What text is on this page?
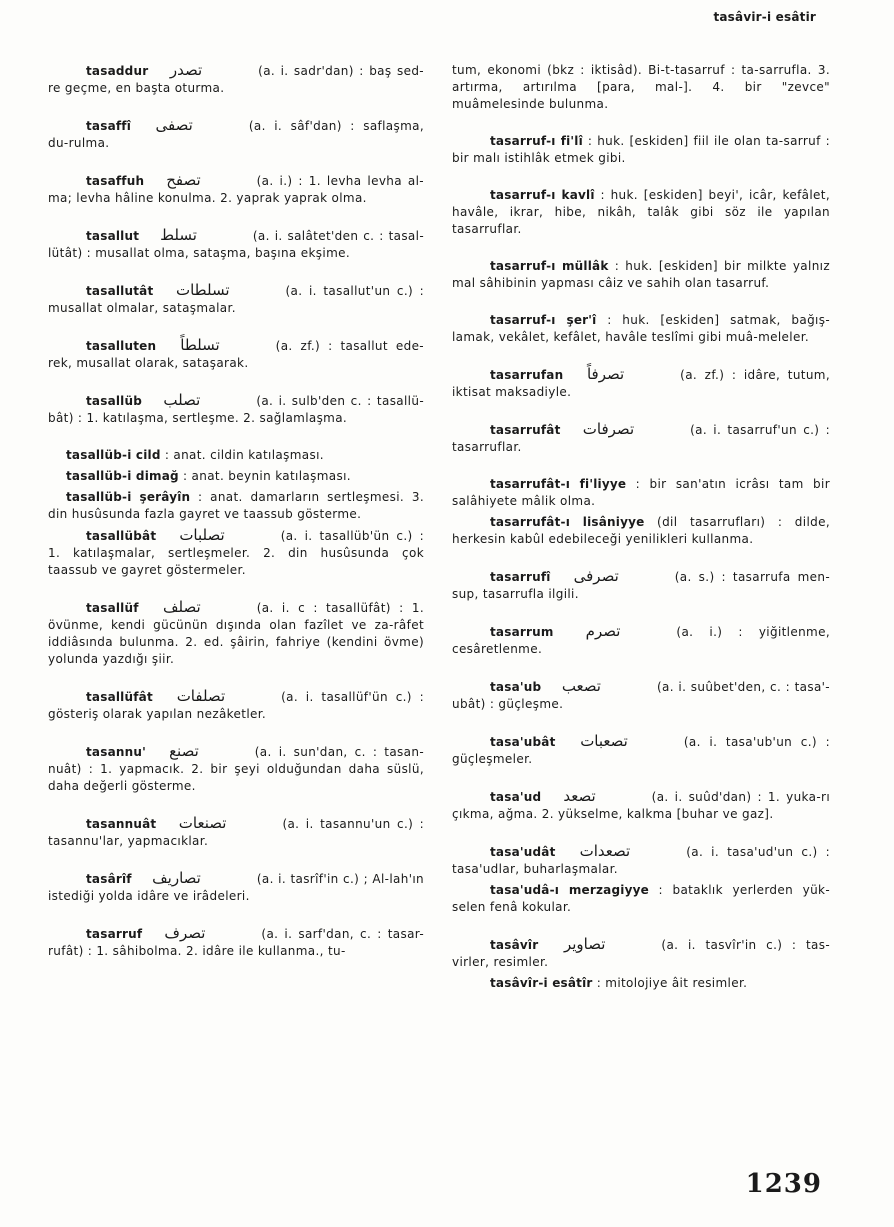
tasâvir-i esâtir
tasaddur تصدر	(a. i. sadr'dan) : baş sed-re geçme, en başta oturma.
tasaffî تصفى	(a. i. sâf'dan) : saflaşma, du-rulma.
tasaffuh تصفح	(a. i.) : 1. levha levha al-ma; levha hâline konulma. 2. yaprak yaprak olma.
tasallut تسلط	(a. i. salâtet'den c. : tasal-lütât) : musallat olma, sataşma, başına ekşime.
tasallutât تسلطات	(a. i. tasallut'un c.) : musallat olmalar, sataşmalar.
tasalluten تسلطاً	(a. zf.) : tasallut ede-rek, musallat olarak, sataşarak.
tasallüb تصلب	(a. i. sulb'den c. : tasallü-bât) : 1. katılaşma, sertleşme. 2. sağlamlaşma.
tasallüb-i cild : anat. cildin katılaşması.
tasallüb-i dimağ : anat. beynin katılaşması.
tasallüb-i şerâyîn : anat. damarların sertleşmesi. 3. din husûsunda fazla gayret ve taassub gösterme.
tasallübât تصلبات	(a. i. tasallüb'ün c.) : 1. katılaşmalar, sertleşmeler. 2. din husûsunda çok taassub ve gayret göstermeler.
tasallüf تصلف	(a. i. c : tasallüfât) : 1. övünme, kendi gücünün dışında olan fazîlet ve za-râfet iddiâsında bulunma. 2. ed. şâirin, fahriye (kendini övme) yolunda yazdığı şiir.
tasallüfât تصلفات	(a. i. tasallüf'ün c.) : gösteriş olarak yapılan nezâketler.
tasannu' تصنع	(a. i. sun'dan, c. : tasan-nuât) : 1. yapmacık. 2. bir şeyi olduğundan daha süslü, daha değerli gösterme.
tasannuât تصنعات	(a. i. tasannu'un c.) : tasannu'lar, yapmacıklar.
tasârîf تصاريف	(a. i. tasrîf'in c.) ; Al-lah'ın istediği yolda idâre ve irâdeleri.
tasarruf تصرف	(a. i. sarf'dan, c. : tasar-rufât) : 1. sâhibolma. 2. idâre ile kullanma., tu-
tum, ekonomi (bkz : iktisâd). Bi-t-tasarruf : ta-sarrufla. 3. artırma, artırılma [para, mal-]. 4. bir "zevce" muâmelesinde bulunma.
tasarruf-ı fi'lî : huk. [eskiden] fiil ile olan ta-sarruf : bir malı istihlâk etmek gibi.
tasarruf-ı kavlî : huk. [eskiden] beyi', icâr, kefâlet, havâle, ikrar, hibe, nikâh, talâk gibi söz ile yapılan tasarruflar.
tasarruf-ı müllâk : huk. [eskiden] bir milkte yalnız mal sâhibinin yapması câiz ve sahih olan tasarruf.
tasarruf-ı şer'î : huk. [eskiden] satmak, bağış-lamak, vekâlet, kefâlet, havâle teslîmi gibi muâ-meleler.
tasarrufan تصرفاً	(a. zf.) : idâre, tutum, iktisat maksadiyle.
tasarrufât تصرفات	(a. i. tasarruf'un c.) : tasarruflar.
tasarrufât-ı fi'liyye : bir san'atın icrâsı tam bir salâhiyete mâlik olma.
tasarrufât-ı lisâniyye (dil tasarrufları) : dilde, herkesin kabûl edebileceği yenilikleri kullanma.
tasarrufî تصرفى	(a. s.) : tasarrufa men-sup, tasarrufla ilgili.
tasarrum تصرم	(a. i.) : yiğitlenme, cesâretlenme.
tasa'ub تصعب	(a. i. suûbet'den, c. : tasa'-ubât) : güçleşme.
tasa'ubât تصعبات	(a. i. tasa'ub'un c.) : güçleşmeler.
tasa'ud تصعد	(a. i. suûd'dan) : 1. yuka-rı çıkma, ağma. 2. yükselme, kalkma [buhar ve gaz].
tasa'udât تصعدات	(a. i. tasa'ud'un c.) : tasa'udlar, buharlaşmalar.
tasa'udâ-ı merzagiyye : bataklık yerlerden yük-selen fenâ kokular.
tasâvîr تصاوير	(a. i. tasvîr'in c.) : tas-virler, resimler.
tasâvîr-i esâtîr : mitolojiye âit resimler.
1239
